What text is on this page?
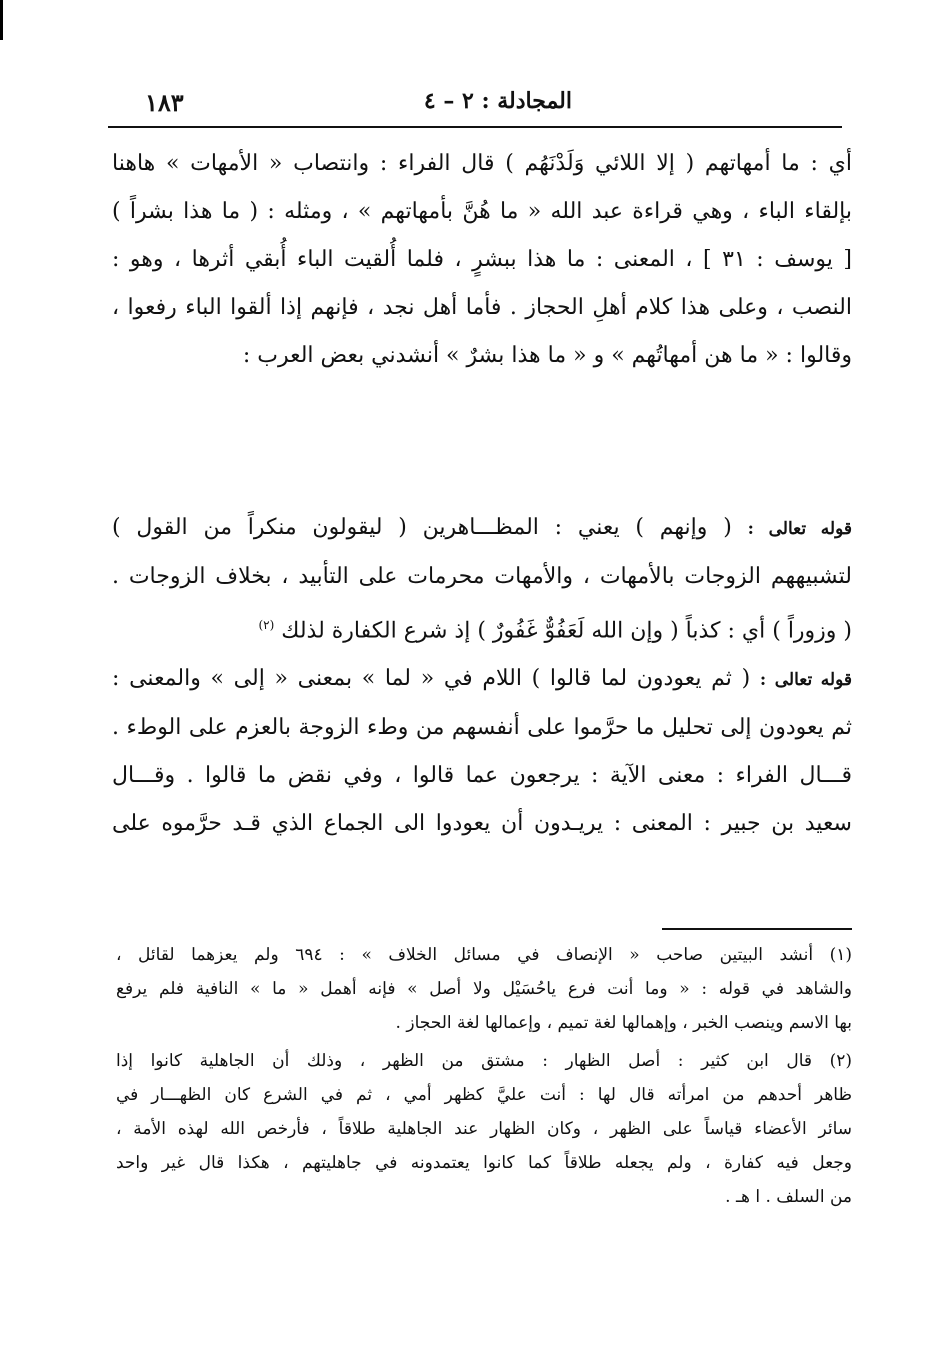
١٨٣	المجادلة : ٢ – ٤
أي : ما أمهاتهم ( إلا اللائي وَلَدْنَهُم ) قال الفراء : وانتصاب « الأمهات » هاهنا
بإلقاء الباء ، وهي قراءة عبد الله « ما هُنَّ بأمهاتهم » ، ومثله : ( ما هذا بشراً )
[ يوسف : ٣١ ] ، المعنى : ما هذا ببشرٍ ، فلما أُلقيت الباء أُبقي أثرها ، وهو :
النصب ، وعلى هذا كلام أهلِ الحجاز . فأما أهل نجد ، فإنهم إذا ألقوا الباء رفعوا ،
وقالوا : « ما هن أمهاتُهم » و « ما هذا بشرٌ » أنشدني بعض العرب :
قوله تعالى : ( وإنهم ) يعني : المظـــاهرين ( ليقولون منكراً من القول )
لتشبيههم الزوجات بالأمهات ، والأمهات محرمات على التأبيد ، بخلاف الزوجات .
( وزوراً ) أي : كذباً ( وإن الله لَعَفُوٌّ غَفُورٌ ) إذ شرع الكفارة لذلك $^{(٢)}$
قوله تعالى : ( ثم يعودون لما قالوا ) اللام في « لما » بمعنى « إلى » والمعنى :
ثم يعودون إلى تحليل ما حرَّموا على أنفسهم من وطء الزوجة بالعزم على الوطء .
قـــال الفراء : معنى الآية : يرجعون عما قالوا ، وفي نقض ما قالوا . وقـــال
سعيد بن جبير : المعنى : يريـدون أن يعودوا الى الجماع الذي قـد حرَّموه على
(١) أنشد البيتين صاحب « الإنصاف في مسائل الخلاف » : ٦٩٤ ولم يعزهما لقائل ،
والشاهد في قوله : « وما أنت فرع ياحُسَيْل ولا أصل » فإنه أهمل « ما » النافية فلم يرفع
بها الاسم وينصب الخبر ، وإهمالها لغة تميم ، وإعمالها لغة الحجاز .
(٢) قال ابن كثير : أصل الظهار : مشتق من الظهر ، وذلك أن الجاهلية كانوا إذا
ظاهر أحدهم من امرأته قال لها : أنت عليَّ كظهر أمي ، ثم في الشرع كان الظهـــار في
سائر الأعضاء قياساً على الظهر ، وكان الظهار عند الجاهلية طلاقاً ، فأرخص الله لهذه الأمة ،
وجعل فيه كفارة ، ولم يجعله طلاقاً كما كانوا يعتمدونه في جاهليتهم ، هكذا قال غير واحد
من السلف . ا هـ .
